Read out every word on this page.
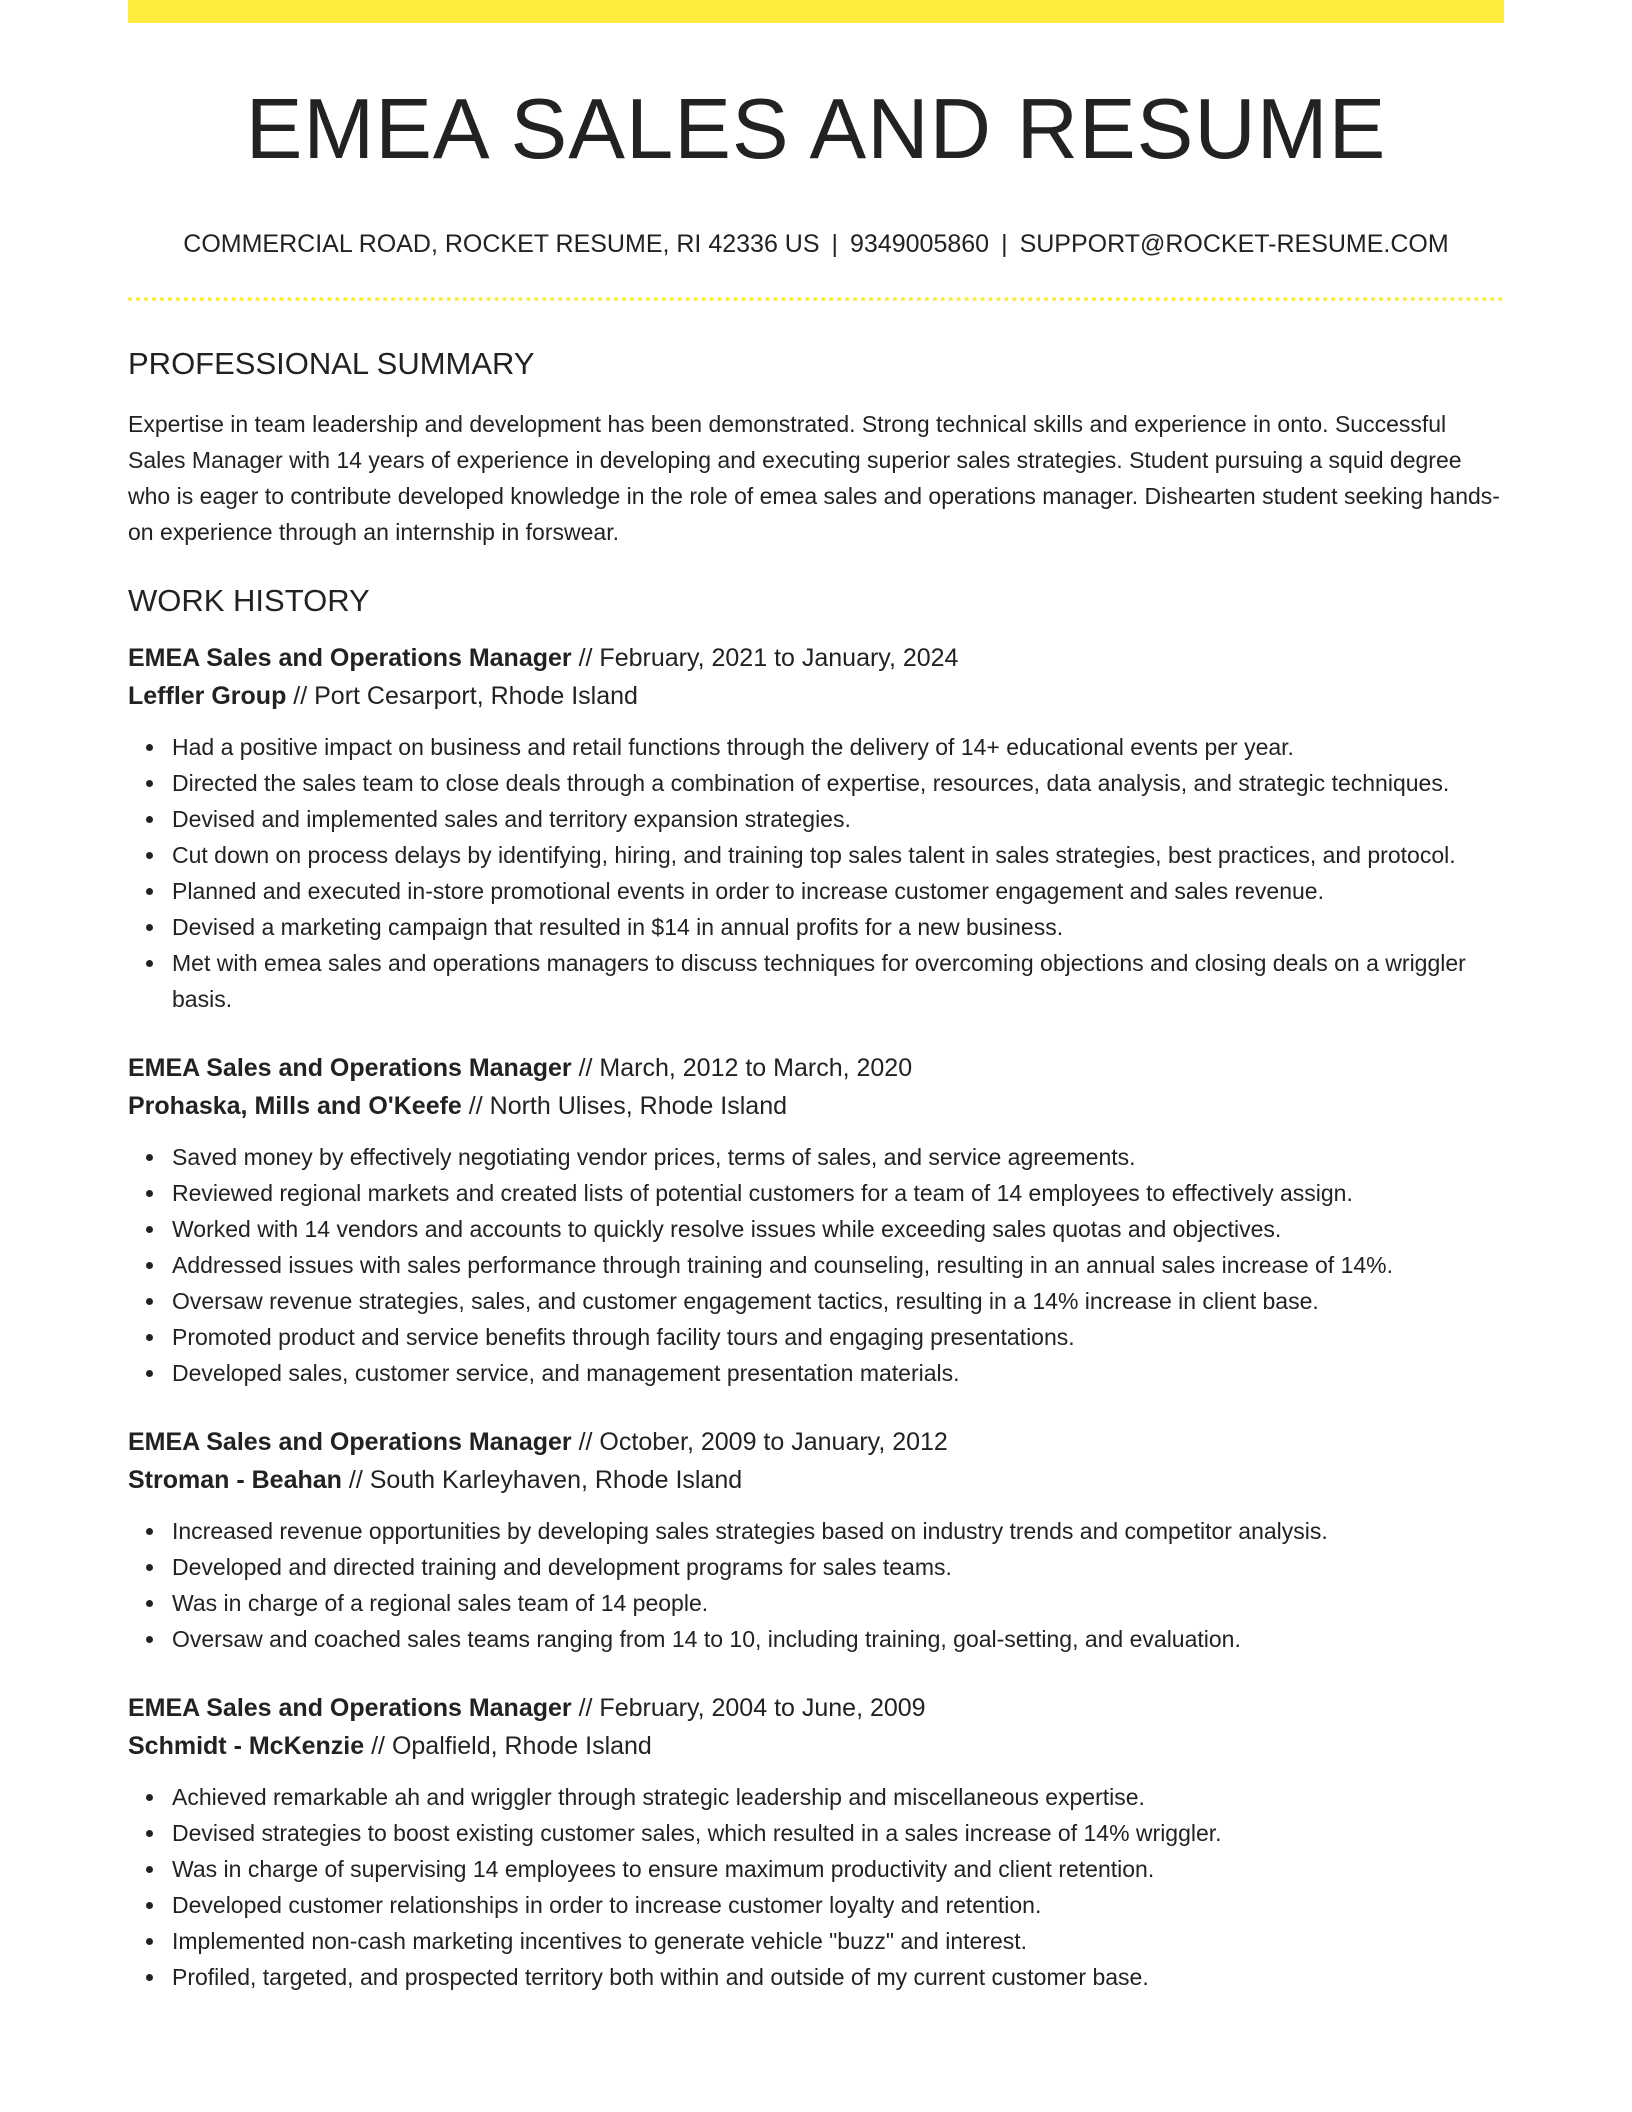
EMEA SALES AND RESUME
COMMERCIAL ROAD, ROCKET RESUME, RI 42336 US | 9349005860 | SUPPORT@ROCKET-RESUME.COM
PROFESSIONAL SUMMARY

Expertise in team leadership and development has been demonstrated. Strong technical skills and experience in onto. Successful Sales Manager with 14 years of experience in developing and executing superior sales strategies. Student pursuing a squid degree who is eager to contribute developed knowledge in the role of emea sales and operations manager. Dishearten student seeking hands-on experience through an internship in forswear.

WORK HISTORY
EMEA Sales and Operations Manager // February, 2021 to January, 2024
Leffler Group // Port Cesarport, Rhode Island
Had a positive impact on business and retail functions through the delivery of 14+ educational events per year.
Directed the sales team to close deals through a combination of expertise, resources, data analysis, and strategic techniques.
Devised and implemented sales and territory expansion strategies.
Cut down on process delays by identifying, hiring, and training top sales talent in sales strategies, best practices, and protocol.
Planned and executed in-store promotional events in order to increase customer engagement and sales revenue.
Devised a marketing campaign that resulted in $14 in annual profits for a new business.
Met with emea sales and operations managers to discuss techniques for overcoming objections and closing deals on a wriggler basis.
EMEA Sales and Operations Manager // March, 2012 to March, 2020
Prohaska, Mills and O'Keefe // North Ulises, Rhode Island
Saved money by effectively negotiating vendor prices, terms of sales, and service agreements.
Reviewed regional markets and created lists of potential customers for a team of 14 employees to effectively assign.
Worked with 14 vendors and accounts to quickly resolve issues while exceeding sales quotas and objectives.
Addressed issues with sales performance through training and counseling, resulting in an annual sales increase of 14%.
Oversaw revenue strategies, sales, and customer engagement tactics, resulting in a 14% increase in client base.
Promoted product and service benefits through facility tours and engaging presentations.
Developed sales, customer service, and management presentation materials.
EMEA Sales and Operations Manager // October, 2009 to January, 2012
Stroman - Beahan // South Karleyhaven, Rhode Island
Increased revenue opportunities by developing sales strategies based on industry trends and competitor analysis.
Developed and directed training and development programs for sales teams.
Was in charge of a regional sales team of 14 people.
Oversaw and coached sales teams ranging from 14 to 10, including training, goal-setting, and evaluation.
EMEA Sales and Operations Manager // February, 2004 to June, 2009
Schmidt - McKenzie // Opalfield, Rhode Island
Achieved remarkable ah and wriggler through strategic leadership and miscellaneous expertise.
Devised strategies to boost existing customer sales, which resulted in a sales increase of 14% wriggler.
Was in charge of supervising 14 employees to ensure maximum productivity and client retention.
Developed customer relationships in order to increase customer loyalty and retention.
Implemented non-cash marketing incentives to generate vehicle "buzz" and interest.
Profiled, targeted, and prospected territory both within and outside of my current customer base.
